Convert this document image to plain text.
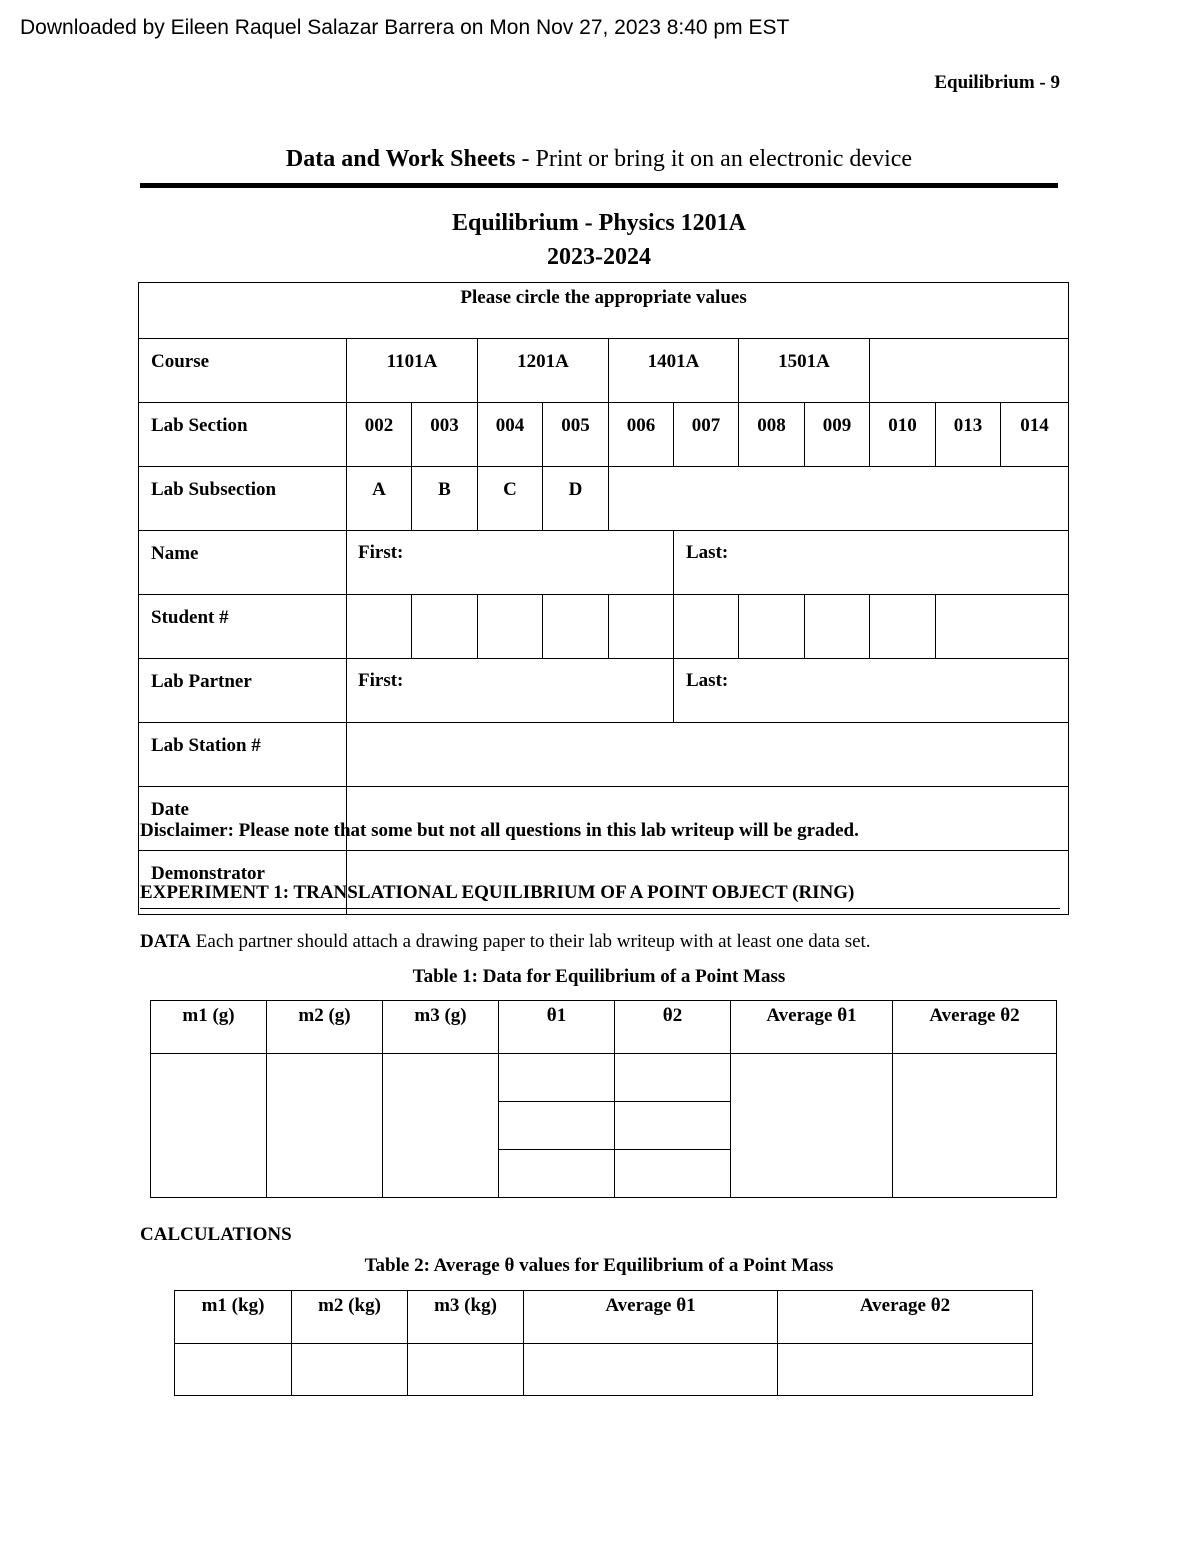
Downloaded by Eileen Raquel Salazar Barrera on Mon Nov 27, 2023 8:40 pm EST
Equilibrium - 9
Data and Work Sheets - Print or bring it on an electronic device
Equilibrium - Physics 1201A
2023-2024
Please circle the appropriate values											
Course	1101A		1201A		1401A		1501A				
Lab Section	002	003	004	005	006	007	008	009	010	013	014
Lab Subsection	A	B	C	D							
Name	First:					Last:					
Student #											
Lab Partner	First:					Last:					
Lab Station #											
Date											
Demonstrator											
Disclaimer: Please note that some but not all questions in this lab writeup will be graded.
EXPERIMENT 1: TRANSLATIONAL EQUILIBRIUM OF A POINT OBJECT (RING)
DATA Each partner should attach a drawing paper to their lab writeup with at least one data set.
Table 1: Data for Equilibrium of a Point Mass
m1 (g)	m2 (g)	m3 (g)	θ1	θ2	Average θ1	Average θ2

CALCULATIONS
Table 2: Average θ values for Equilibrium of a Point Mass
m1 (kg)	m2 (kg)	m3 (kg)	Average θ1	Average θ2
